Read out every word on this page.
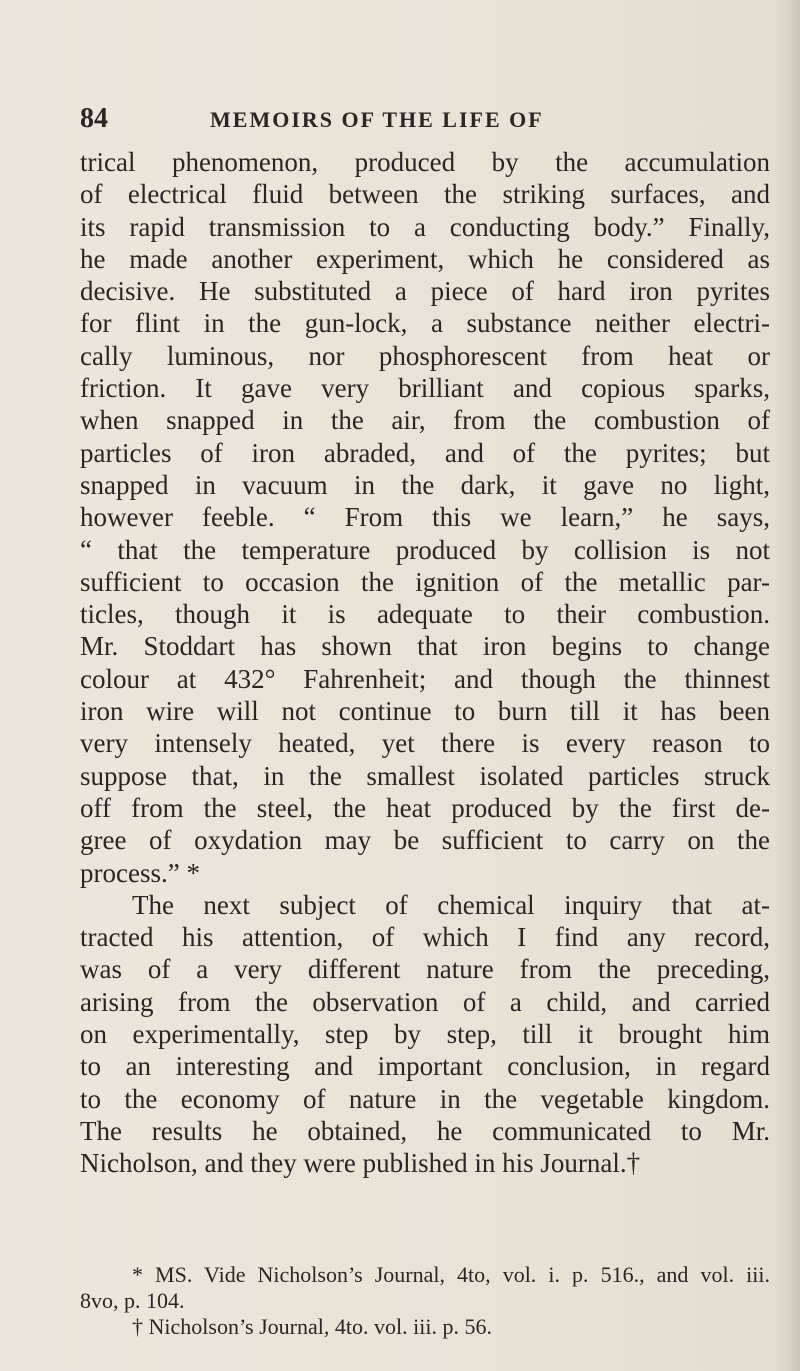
84	MEMOIRS OF THE LIFE OF
trical phenomenon, produced by the accumulation
of electrical fluid between the striking surfaces, and
its rapid transmission to a conducting body.” Finally,
he made another experiment, which he considered as
decisive. He substituted a piece of hard iron pyrites
for flint in the gun-lock, a substance neither electri-
cally luminous, nor phosphorescent from heat or
friction. It gave very brilliant and copious sparks,
when snapped in the air, from the combustion of
particles of iron abraded, and of the pyrites; but
snapped in vacuum in the dark, it gave no light,
however feeble. “ From this we learn,” he says,
“ that the temperature produced by collision is not
sufficient to occasion the ignition of the metallic par-
ticles, though it is adequate to their combustion.
Mr. Stoddart has shown that iron begins to change
colour at 432° Fahrenheit; and though the thinnest
iron wire will not continue to burn till it has been
very intensely heated, yet there is every reason to
suppose that, in the smallest isolated particles struck
off from the steel, the heat produced by the first de-
gree of oxydation may be sufficient to carry on the
process.” *
The next subject of chemical inquiry that at-
tracted his attention, of which I find any record,
was of a very different nature from the preceding,
arising from the observation of a child, and carried
on experimentally, step by step, till it brought him
to an interesting and important conclusion, in regard
to the economy of nature in the vegetable kingdom.
The results he obtained, he communicated to Mr.
Nicholson, and they were published in his Journal.†
* MS. Vide Nicholson’s Journal, 4to, vol. i. p. 516., and vol. iii.
8vo, p. 104.
† Nicholson’s Journal, 4to. vol. iii. p. 56.
